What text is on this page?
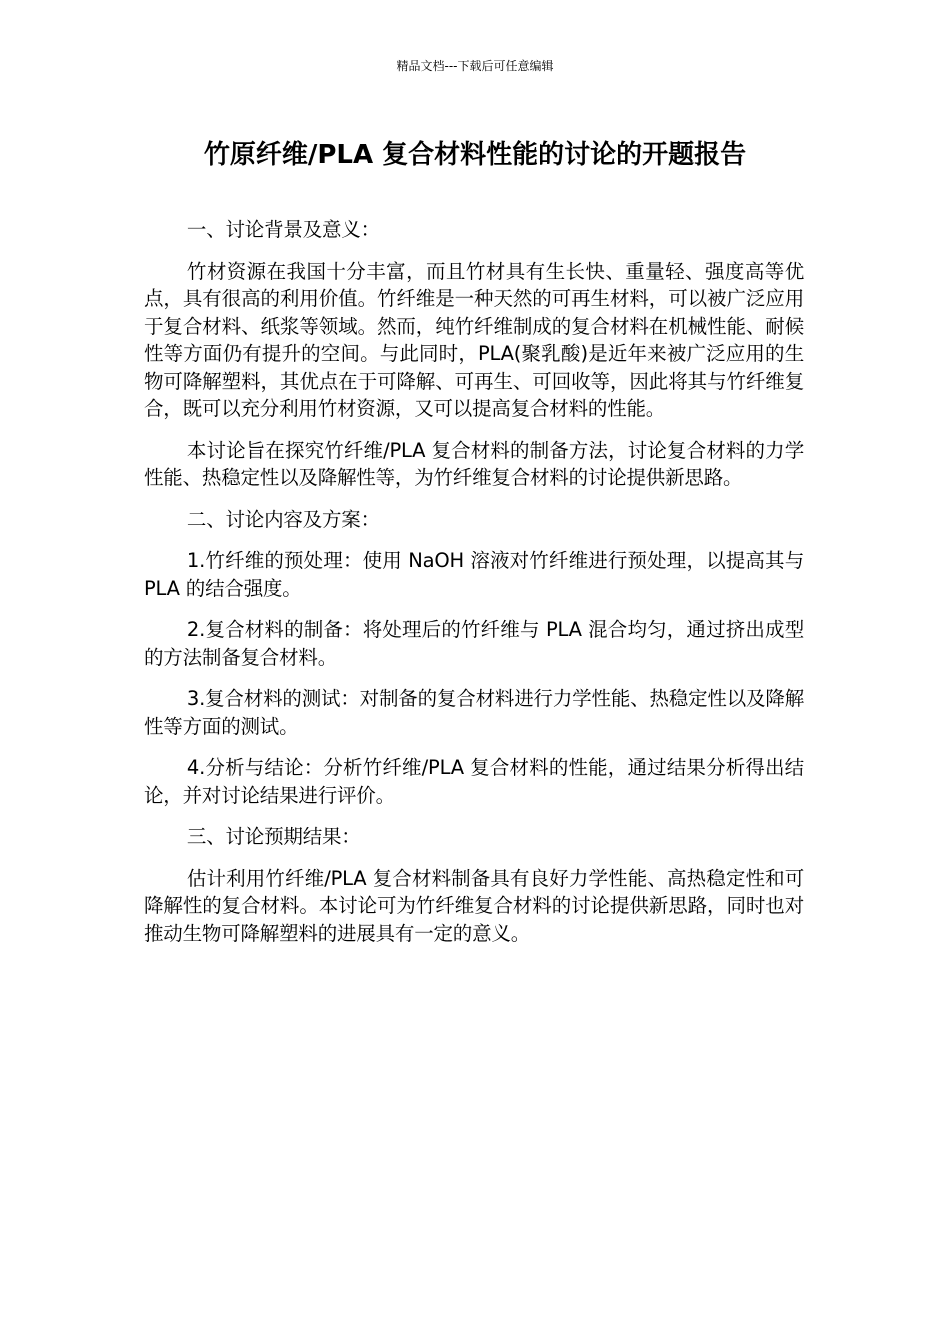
精品文档---下载后可任意编辑
竹原纤维/PLA 复合材料性能的讨论的开题报告

一、讨论背景及意义：

竹材资源在我国十分丰富，而且竹材具有生长快、重量轻、强度高等优点，具有很高的利用价值。竹纤维是一种天然的可再生材料，可以被广泛应用于复合材料、纸浆等领域。然而，纯竹纤维制成的复合材料在机械性能、耐候性等方面仍有提升的空间。与此同时，PLA(聚乳酸)是近年来被广泛应用的生物可降解塑料，其优点在于可降解、可再生、可回收等，因此将其与竹纤维复合，既可以充分利用竹材资源，又可以提高复合材料的性能。

本讨论旨在探究竹纤维/PLA 复合材料的制备方法，讨论复合材料的力学性能、热稳定性以及降解性等，为竹纤维复合材料的讨论提供新思路。

二、讨论内容及方案：

1.竹纤维的预处理：使用 NaOH 溶液对竹纤维进行预处理，以提高其与 PLA 的结合强度。

2.复合材料的制备：将处理后的竹纤维与 PLA 混合均匀，通过挤出成型的方法制备复合材料。

3.复合材料的测试：对制备的复合材料进行力学性能、热稳定性以及降解性等方面的测试。

4.分析与结论：分析竹纤维/PLA 复合材料的性能，通过结果分析得出结论，并对讨论结果进行评价。

三、讨论预期结果：

估计利用竹纤维/PLA 复合材料制备具有良好力学性能、高热稳定性和可降解性的复合材料。本讨论可为竹纤维复合材料的讨论提供新思路，同时也对推动生物可降解塑料的进展具有一定的意义。
